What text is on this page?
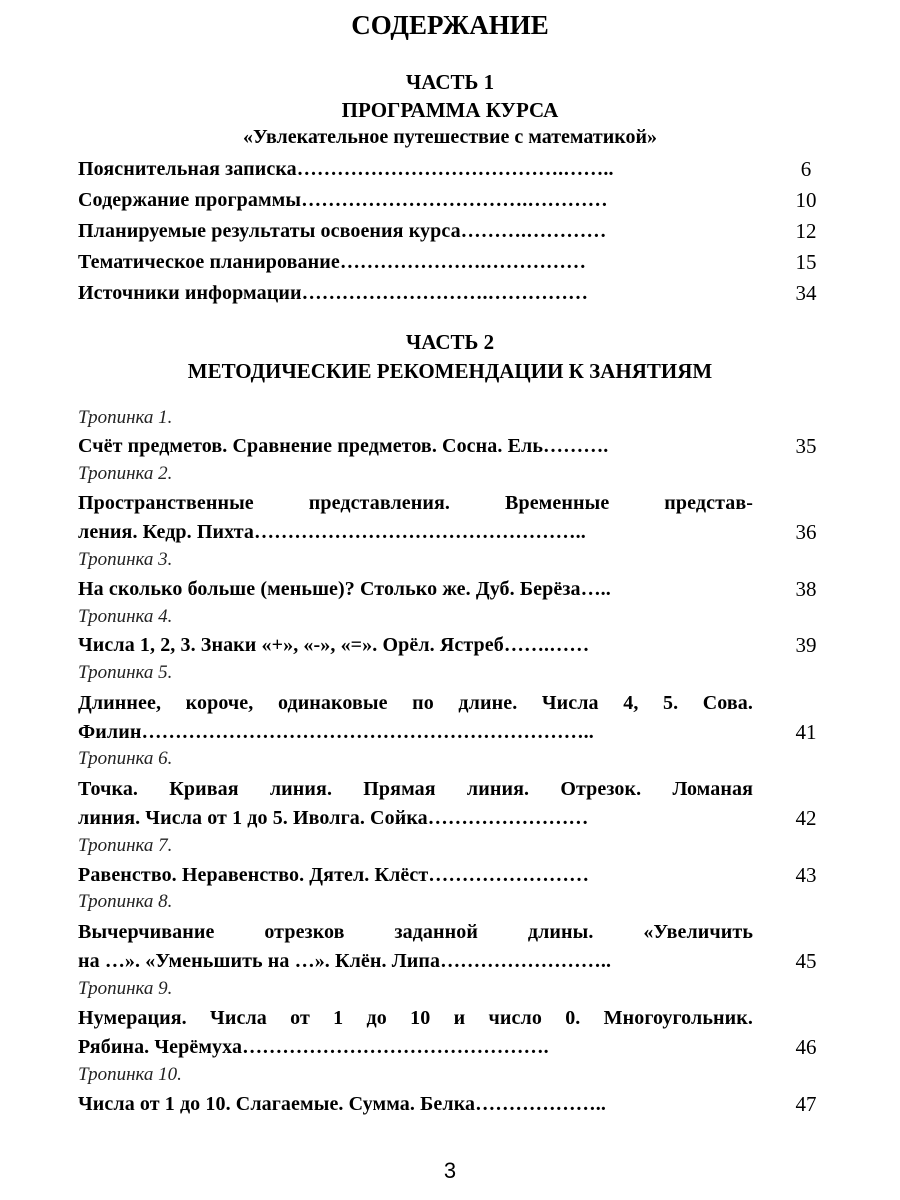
СОДЕРЖАНИЕ
ЧАСТЬ 1
ПРОГРАММА КУРСА
«Увлекательное путешествие с математикой»
Пояснительная записка………………………………….……..	6
Содержание программы…………………………….…………	10
Планируемые результаты освоения курса……….…………	12
Тематическое планирование………………….……………	15
Источники информации……………………….……………	34
ЧАСТЬ 2
МЕТОДИЧЕСКИЕ РЕКОМЕНДАЦИИ К ЗАНЯТИЯМ
Тропинка 1.
Счёт предметов. Сравнение предметов. Сосна. Ель……….	35
Тропинка 2.
Пространственные представления. Временные представ-
ления. Кедр. Пихта…………………………………………..	36
Тропинка 3.
На сколько больше (меньше)? Столько же. Дуб. Берёза…..	38
Тропинка 4.
Числа 1, 2, 3. Знаки «+», «-», «=». Орёл. Ястреб…….……	39
Тропинка 5.
Длиннее, короче, одинаковые по длине. Числа 4, 5. Сова.
Филин…………………………………………………………..	41
Тропинка 6.
Точка. Кривая линия. Прямая линия. Отрезок. Ломаная
линия. Числа от 1 до 5. Иволга. Сойка……………………	42
Тропинка 7.
Равенство. Неравенство. Дятел. Клёст……………………	43
Тропинка 8.
Вычерчивание отрезков заданной длины. «Увеличить
на …». «Уменьшить на …». Клён. Липа……………………..	45
Тропинка 9.
Нумерация. Числа от 1 до 10 и число 0. Многоугольник.
Рябина. Черёмуха……………………………………….	46
Тропинка 10.
Числа от 1 до 10. Слагаемые. Сумма. Белка………………..	47
3
